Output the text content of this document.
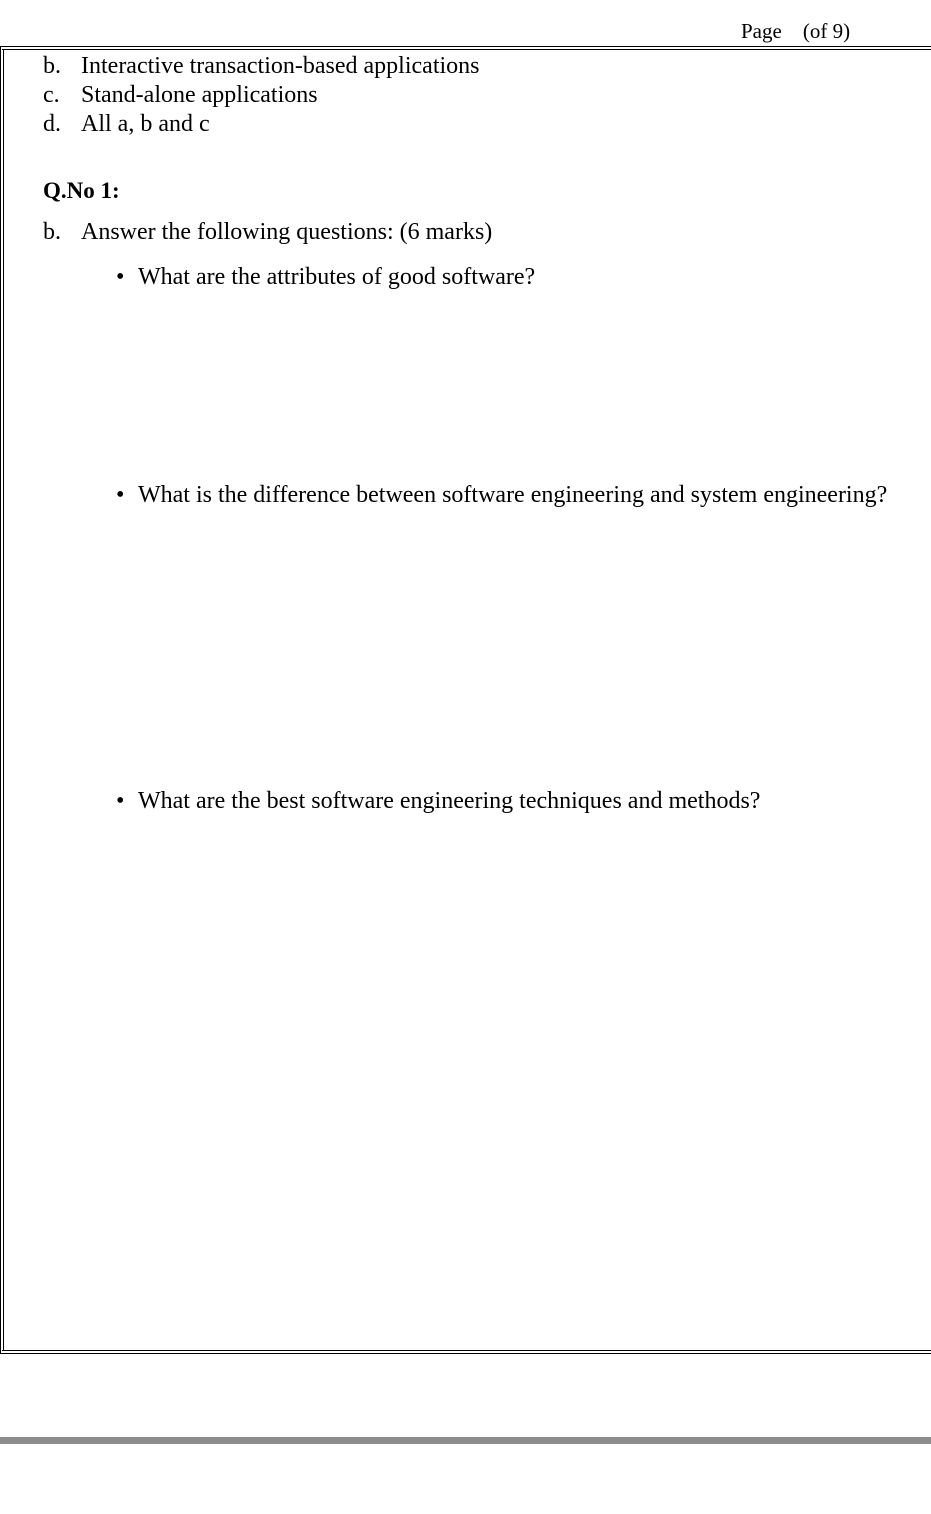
Page (of 9)
b. Interactive transaction-based applications
c. Stand-alone applications
d. All a, b and c
Q.No 1:
b. Answer the following questions: (6 marks)
• What are the attributes of good software?
• What is the difference between software engineering and system engineering?
• What are the best software engineering techniques and methods?
